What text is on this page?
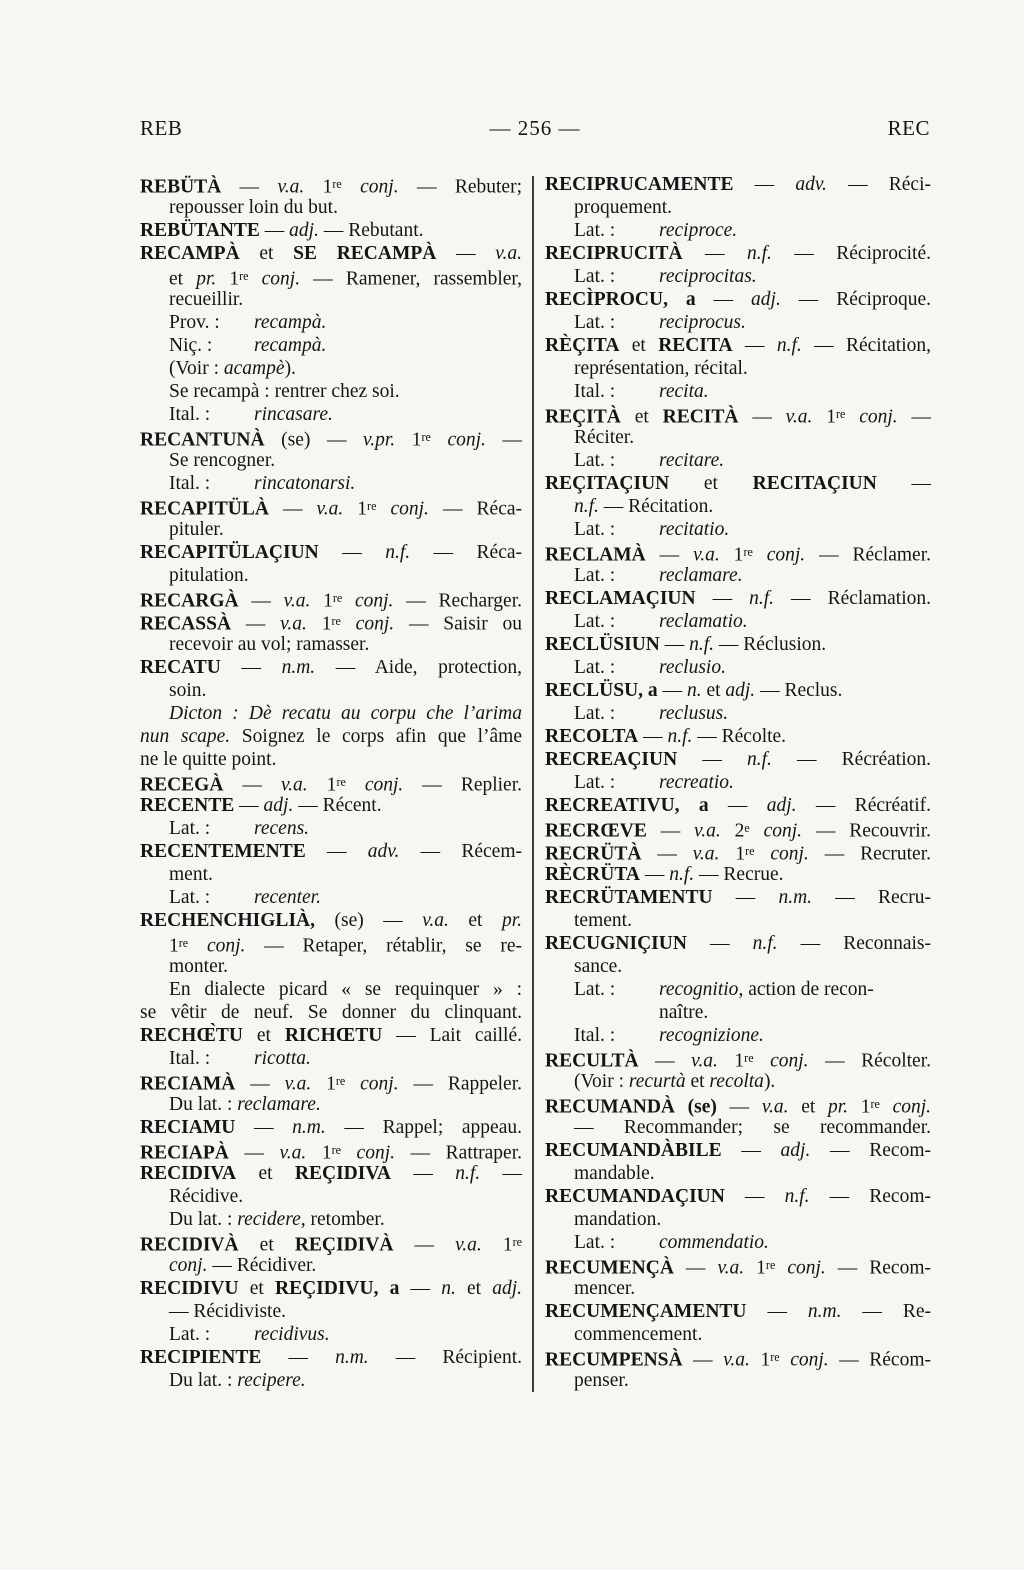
REB	— 256 —	REC
REBÜTÀ — v.a. 1re conj. — Rebuter;
repousser loin du but.
REBÜTANTE — adj. — Rebutant.
RECAMPÀ et SE RECAMPÀ — v.a.
et pr. 1re conj. — Ramener, rassembler,
recueillir.
Prov. : recampà.
Niç. : recampà.
(Voir : acampè).
Se recampà : rentrer chez soi.
Ital. : rincasare.
RECANTUNÀ (se) — v.pr. 1re conj. —
Se rencogner.
Ital. : rincatonarsi.
RECAPITÜLÀ — v.a. 1re conj. — Réca-
pituler.
RECAPITÜLAÇIUN — n.f. — Réca-
pitulation.
RECARGÀ — v.a. 1re conj. — Recharger.
RECASSÀ — v.a. 1re conj. — Saisir ou
recevoir au vol; ramasser.
RECATU — n.m. — Aide, protection,
soin.
Dicton : Dè recatu au corpu che l’arima
nun scape. Soignez le corps afin que l’âme
ne le quitte point.
RECEGÀ — v.a. 1re conj. — Replier.
RECENTE — adj. — Récent.
Lat. : recens.
RECENTEMENTE — adv. — Récem-
ment.
Lat. : recenter.
RECHENCHIGLIÀ, (se) — v.a. et pr.
1re conj. — Retaper, rétablir, se re-
monter.
En dialecte picard « se requinquer » :
se vêtir de neuf. Se donner du clinquant.
RECHŒ̀TU et RICHŒTU — Lait caillé.
Ital. : ricotta.
RECIAMÀ — v.a. 1re conj. — Rappeler.
Du lat. : reclamare.
RECIAMU — n.m. — Rappel; appeau.
RECIAPÀ — v.a. 1re conj. — Rattraper.
RECIDIVA et REÇIDIVA — n.f. —
Récidive.
Du lat. : recidere, retomber.
RECIDIVÀ et REÇIDIVÀ — v.a. 1re
conj. — Récidiver.
RECIDIVU et REÇIDIVU, a — n. et adj.
— Récidiviste.
Lat. : recidivus.
RECIPIENTE — n.m. — Récipient.
Du lat. : recipere.
RECIPRUCAMENTE — adv. — Réci-
proquement.
Lat. : reciproce.
RECIPRUCITÀ — n.f. — Réciprocité.
Lat. : reciprocitas.
RECÌPROCU, a — adj. — Réciproque.
Lat. : reciprocus.
RÈÇITA et RECITA — n.f. — Récitation,
représentation, récital.
Ital. : recita.
REÇITÀ et RECITÀ — v.a. 1re conj. —
Réciter.
Lat. : recitare.
REÇITAÇIUN et RECITAÇIUN —
n.f. — Récitation.
Lat. : recitatio.
RECLAMÀ — v.a. 1re conj. — Réclamer.
Lat. : reclamare.
RECLAMAÇIUN — n.f. — Réclamation.
Lat. : reclamatio.
RECLÜSIUN — n.f. — Réclusion.
Lat. : reclusio.
RECLÜSU, a — n. et adj. — Reclus.
Lat. : reclusus.
RECOLTA — n.f. — Récolte.
RECREAÇIUN — n.f. — Récréation.
Lat. : recreatio.
RECREATIVU, a — adj. — Récréatif.
RECRŒVE — v.a. 2e conj. — Recouvrir.
RECRÜTÀ — v.a. 1re conj. — Recruter.
RÈCRÜTA — n.f. — Recrue.
RECRÜTAMENTU — n.m. — Recru-
tement.
RECUGNIÇIUN — n.f. — Reconnais-
sance.
Lat. : recognitio, action de recon-
naître.
Ital. : recognizione.
RECULTÀ — v.a. 1re conj. — Récolter.
(Voir : recurtà et recolta).
RECUMANDÀ (se) — v.a. et pr. 1re conj.
— Recommander; se recommander.
RECUMANDÀBILE — adj. — Recom-
mandable.
RECUMANDAÇIUN — n.f. — Recom-
mandation.
Lat. : commendatio.
RECUMENÇÀ — v.a. 1re conj. — Recom-
mencer.
RECUMENÇAMENTU — n.m. — Re-
commencement.
RECUMPENSÀ — v.a. 1re conj. — Récom-
penser.
